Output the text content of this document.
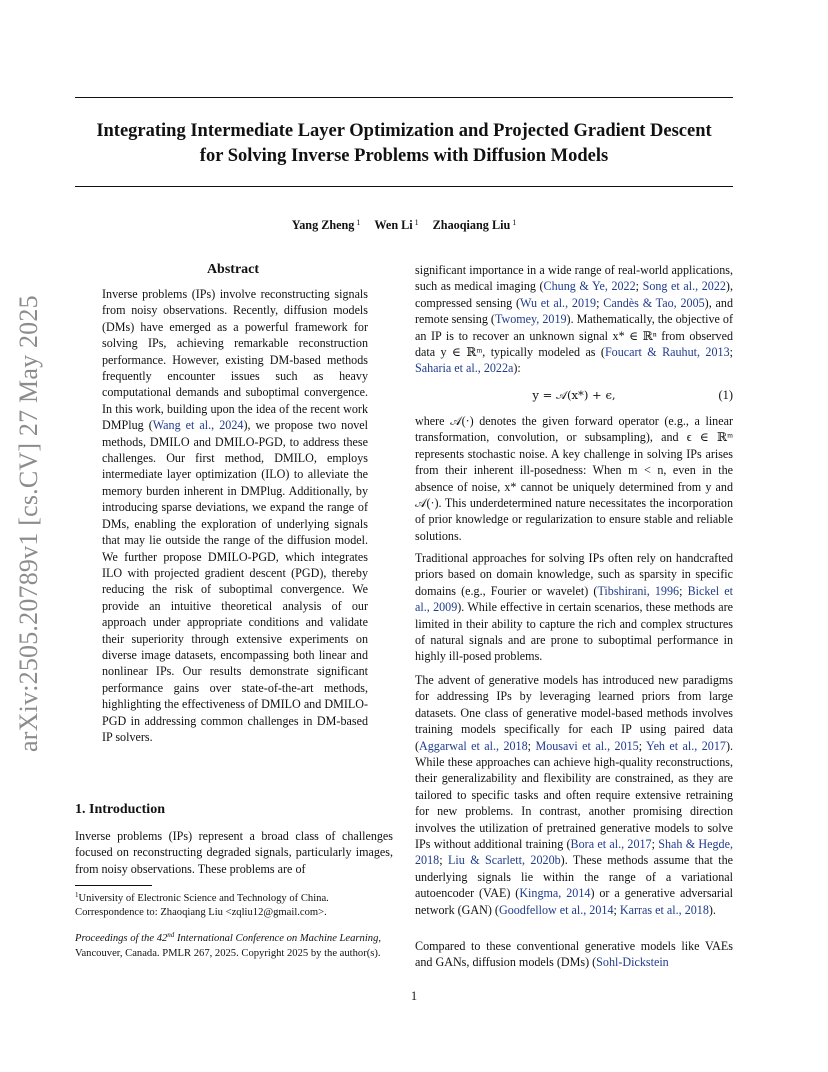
Integrating Intermediate Layer Optimization and Projected Gradient Descent
for Solving Inverse Problems with Diffusion Models
Yang Zheng $^1$ Wen Li $^1$ Zhaoqiang Liu $^1$
arXiv:2505.20789v1 [cs.CV] 27 May 2025
Abstract
Inverse problems (IPs) involve reconstructing signals from noisy observations. Recently, diffusion models (DMs) have emerged as a powerful framework for solving IPs, achieving remarkable reconstruction performance. However, existing DM-based methods frequently encounter issues such as heavy computational demands and suboptimal convergence. In this work, building upon the idea of the recent work DMPlug (Wang et al., 2024), we propose two novel methods, DMILO and DMILO-PGD, to address these challenges. Our first method, DMILO, employs intermediate layer optimization (ILO) to alleviate the memory burden inherent in DMPlug. Additionally, by introducing sparse deviations, we expand the range of DMs, enabling the exploration of underlying signals that may lie outside the range of the diffusion model. We further propose DMILO-PGD, which integrates ILO with projected gradient descent (PGD), thereby reducing the risk of suboptimal convergence. We provide an intuitive theoretical analysis of our approach under appropriate conditions and validate their superiority through extensive experiments on diverse image datasets, encompassing both linear and nonlinear IPs. Our results demonstrate significant performance gains over state-of-the-art methods, highlighting the effectiveness of DMILO and DMILO-PGD in addressing common challenges in DM-based IP solvers.
1. Introduction
Inverse problems (IPs) represent a broad class of challenges focused on reconstructing degraded signals, particularly images, from noisy observations. These problems are of
$^1$University of Electronic Science and Technology of China.
Correspondence to: Zhaoqiang Liu <zqliu12@gmail.com>.
Proceedings of the 42nd International Conference on Machine Learning, Vancouver, Canada. PMLR 267, 2025. Copyright 2025 by the author(s).
significant importance in a wide range of real-world applications, such as medical imaging (Chung & Ye, 2022; Song et al., 2022), compressed sensing (Wu et al., 2019; Candès & Tao, 2005), and remote sensing (Twomey, 2019). Mathematically, the objective of an IP is to recover an unknown signal x* ∈ ℝⁿ from observed data y ∈ ℝᵐ, typically modeled as (Foucart & Rauhut, 2013; Saharia et al., 2022a):
y = 𝒜(x*) + ϵ,	(1)
where 𝒜(·) denotes the given forward operator (e.g., a linear transformation, convolution, or subsampling), and ϵ ∈ ℝᵐ represents stochastic noise. A key challenge in solving IPs arises from their inherent ill-posedness: When m < n, even in the absence of noise, x* cannot be uniquely determined from y and 𝒜(·). This underdetermined nature necessitates the incorporation of prior knowledge or regularization to ensure stable and reliable solutions.
Traditional approaches for solving IPs often rely on handcrafted priors based on domain knowledge, such as sparsity in specific domains (e.g., Fourier or wavelet) (Tibshirani, 1996; Bickel et al., 2009). While effective in certain scenarios, these methods are limited in their ability to capture the rich and complex structures of natural signals and are prone to suboptimal performance in highly ill-posed problems.
The advent of generative models has introduced new paradigms for addressing IPs by leveraging learned priors from large datasets. One class of generative model-based methods involves training models specifically for each IP using paired data (Aggarwal et al., 2018; Mousavi et al., 2015; Yeh et al., 2017). While these approaches can achieve high-quality reconstructions, their generalizability and flexibility are constrained, as they are tailored to specific tasks and often require extensive retraining for new problems. In contrast, another promising direction involves the utilization of pretrained generative models to solve IPs without additional training (Bora et al., 2017; Shah & Hegde, 2018; Liu & Scarlett, 2020b). These methods assume that the underlying signals lie within the range of a variational autoencoder (VAE) (Kingma, 2014) or a generative adversarial network (GAN) (Goodfellow et al., 2014; Karras et al., 2018).
Compared to these conventional generative models like VAEs and GANs, diffusion models (DMs) (Sohl-Dickstein
1
